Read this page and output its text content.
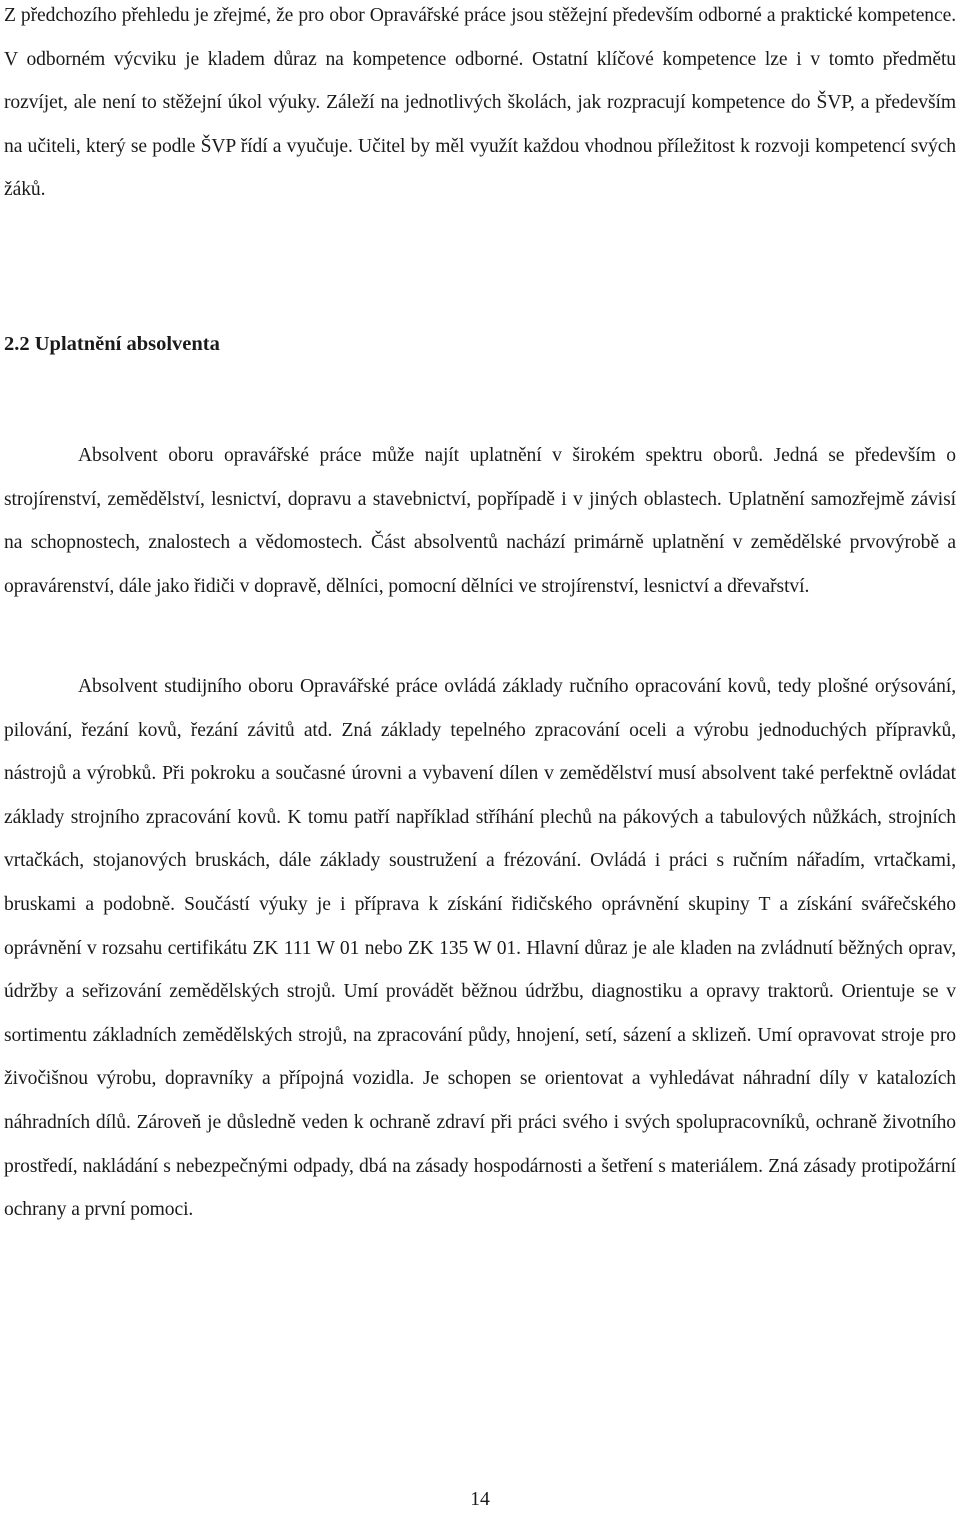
Z předchozího přehledu je zřejmé, že pro obor Opravářské práce jsou stěžejní především odborné a praktické kompetence. V odborném výcviku je kladem důraz na kompetence odborné. Ostatní klíčové kompetence lze i v tomto předmětu rozvíjet, ale není to stěžejní úkol výuky. Záleží na jednotlivých školách, jak rozpracují kompetence do ŠVP, a především na učiteli, který se podle ŠVP řídí a vyučuje. Učitel by měl využít každou vhodnou příležitost k rozvoji kompetencí svých žáků.

2.2 Uplatnění absolventa

Absolvent oboru opravářské práce může najít uplatnění v širokém spektru oborů. Jedná se především o strojírenství, zemědělství, lesnictví, dopravu a stavebnictví, popřípadě i v jiných oblastech. Uplatnění samozřejmě závisí na schopnostech, znalostech a vědomostech. Část absolventů nachází primárně uplatnění v zemědělské prvovýrobě a opravárenství, dále jako řidiči v dopravě, dělníci, pomocní dělníci ve strojírenství, lesnictví a dřevařství.

Absolvent studijního oboru Opravářské práce ovládá základy ručního opracování kovů, tedy plošné orýsování, pilování, řezání kovů, řezání závitů atd. Zná základy tepelného zpracování oceli a výrobu jednoduchých přípravků, nástrojů a výrobků. Při pokroku a současné úrovni a vybavení dílen v zemědělství musí absolvent také perfektně ovládat základy strojního zpracování kovů. K tomu patří například stříhání plechů na pákových a tabulových nůžkách, strojních vrtačkách, stojanových bruskách, dále základy soustružení a frézování. Ovládá i práci s ručním nářadím, vrtačkami, bruskami a podobně. Součástí výuky je i příprava k získání řidičského oprávnění skupiny T a získání svářečského oprávnění v rozsahu certifikátu ZK 111 W 01 nebo ZK 135 W 01. Hlavní důraz je ale kladen na zvládnutí běžných oprav, údržby a seřizování zemědělských strojů. Umí provádět běžnou údržbu, diagnostiku a opravy traktorů. Orientuje se v sortimentu základních zemědělských strojů, na zpracování půdy, hnojení, setí, sázení a sklizeň. Umí opravovat stroje pro živočišnou výrobu, dopravníky a přípojná vozidla. Je schopen se orientovat a vyhledávat náhradní díly v katalozích náhradních dílů. Zároveň je důsledně veden k ochraně zdraví při práci svého i svých spolupracovníků, ochraně životního prostředí, nakládání s nebezpečnými odpady, dbá na zásady hospodárnosti a šetření s materiálem. Zná zásady protipožární ochrany a první pomoci.

14
